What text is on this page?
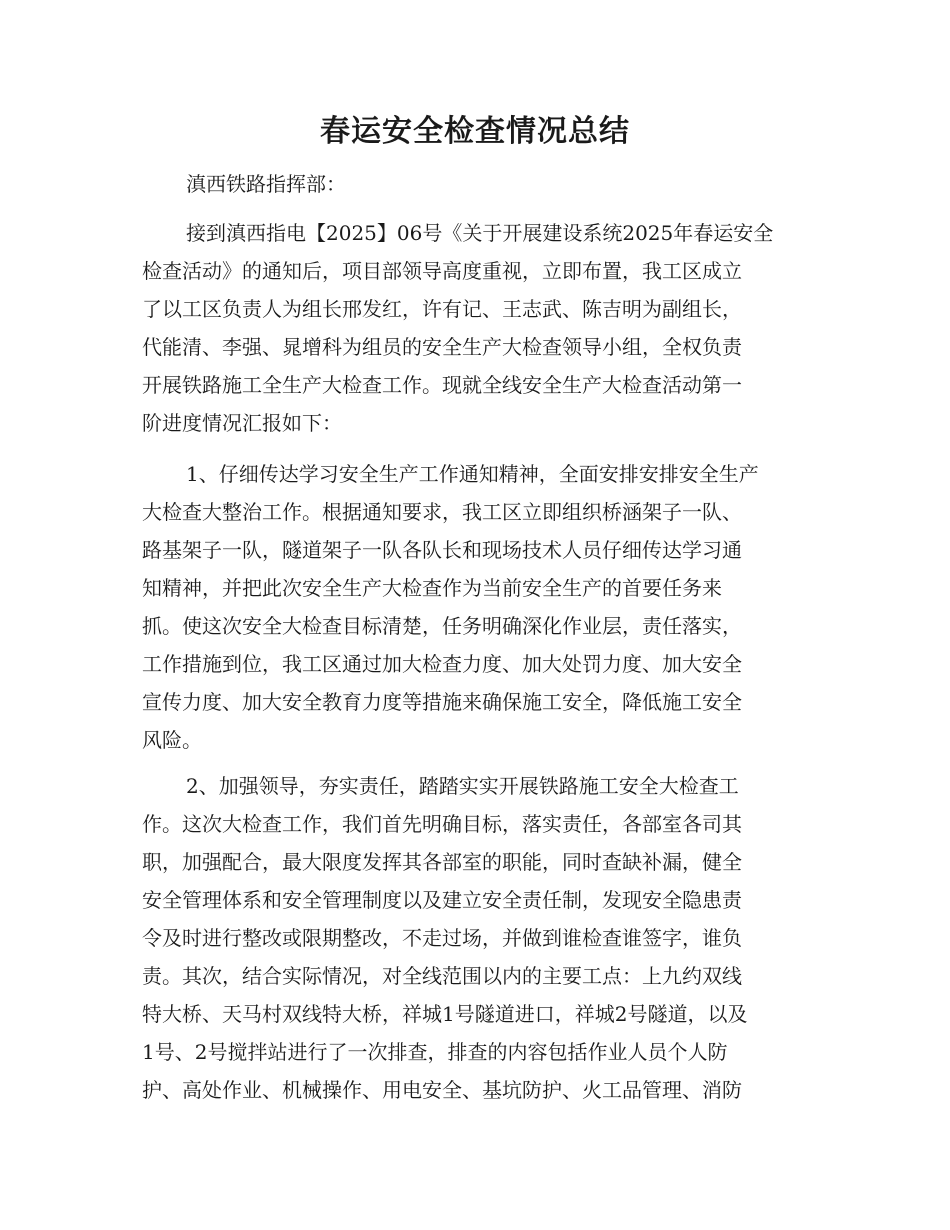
春运安全检查情况总结
滇西铁路指挥部：
接到滇西指电【2025】06号《关于开展建设系统2025年春运安全
检查活动》的通知后，项目部领导高度重视，立即布置，我工区成立
了以工区负责人为组长邢发红，许有记、王志武、陈吉明为副组长，
代能清、李强、晁增科为组员的安全生产大检查领导小组，全权负责
开展铁路施工全生产大检查工作。现就全线安全生产大检查活动第一
阶进度情况汇报如下：
1、仔细传达学习安全生产工作通知精神，全面安排安排安全生产
大检查大整治工作。根据通知要求，我工区立即组织桥涵架子一队、
路基架子一队，隧道架子一队各队长和现场技术人员仔细传达学习通
知精神，并把此次安全生产大检查作为当前安全生产的首要任务来
抓。使这次安全大检查目标清楚，任务明确深化作业层，责任落实，
工作措施到位，我工区通过加大检查力度、加大处罚力度、加大安全
宣传力度、加大安全教育力度等措施来确保施工安全，降低施工安全
风险。
2、加强领导，夯实责任，踏踏实实开展铁路施工安全大检查工
作。这次大检查工作，我们首先明确目标，落实责任，各部室各司其
职，加强配合，最大限度发挥其各部室的职能，同时查缺补漏，健全
安全管理体系和安全管理制度以及建立安全责任制，发现安全隐患责
令及时进行整改或限期整改，不走过场，并做到谁检查谁签字，谁负
责。其次，结合实际情况，对全线范围以内的主要工点：上九约双线
特大桥、天马村双线特大桥，祥城1号隧道进口，祥城2号隧道，以及
1号、2号搅拌站进行了一次排查，排查的内容包括作业人员个人防
护、高处作业、机械操作、用电安全、基坑防护、火工品管理、消防
